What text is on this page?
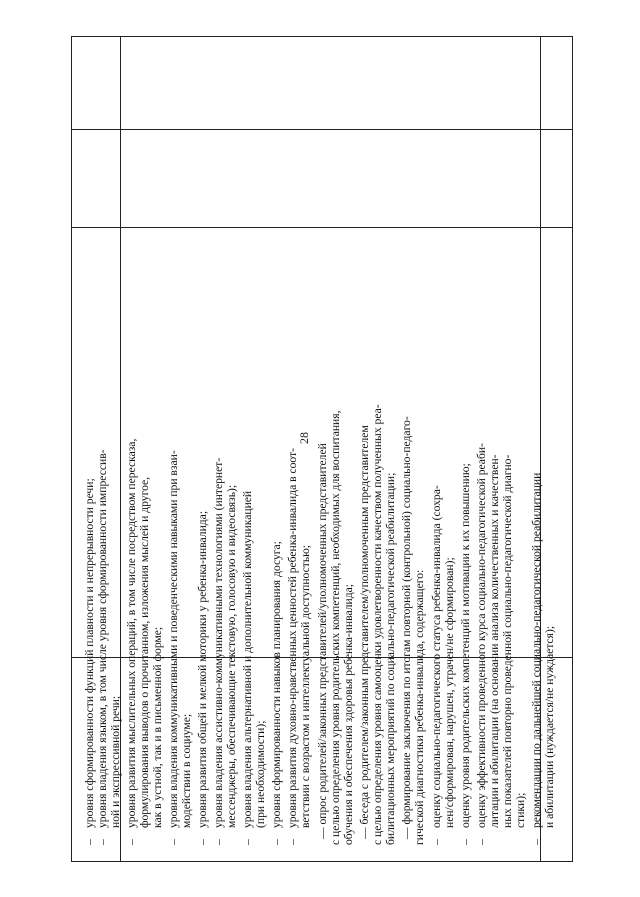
28
–
уровня сформированности функций плавности и непрерывности речи;
–
уровня владения языком, в том числе уровня сформированности импрессив- ной и экспрессивной речи;
–
уровня развития мыслительных операций, в том числе посредством пересказа, формулирования выводов о прочитанном, изложения мыслей и другое, как в устной, так и в письменной форме;
–
уровня владения коммуникативными и поведенческими навыками при взаи- модействии в социуме;
–
уровня развития общей и мелкой моторики у ребенка-инвалида;
–
уровня владения ассистивно-коммуникативными технологиями (интернет- мессенджеры, обеспечивающие текстовую, голосовую и видеосвязь);
–
уровня владения альтернативной и дополнительной коммуникацией (при необходимости);
–
уровня сформированности навыков планирования досуга;
–
уровня развития духовно-нравственных ценностей ребенка-инвалида в соот- ветствии с возрастом и интеллектуальной доступностью; — опрос родителей/законных представителей/уполномоченных представителей с целью определения уровня родительских компетенций, необходимых для воспитания, обучения и обеспечения здоровья ребенка-инвалида; — беседа с родителем/законным представителем/уполномоченным представителем с целью определения уровня самооценки удовлетворенности качеством полученных реа- билитационных мероприятий по социально-педагогической реабилитации; — формирование заключения по итогам повторной (контрольной) социально-педаго- гической диагностики ребенка-инвалида, содержащего: –
оценку социально-педагогического статуса ребенка-инвалида (сохра- нен/сформирован, нарушен, утрачен/не сформирован);
–
оценку уровня родительских компетенций и мотивации к их повышению;
–
оценку эффективности проведенного курса социально-педагогической реаби- литации и абилитации (на основании анализа количественных и качествен- ных показателей повторно проведенной социально-педагогической диагно- стики);
–
рекомендации по дальнейшей социально-педагогической реабилитации и абилитации (нуждается/не нуждается);
